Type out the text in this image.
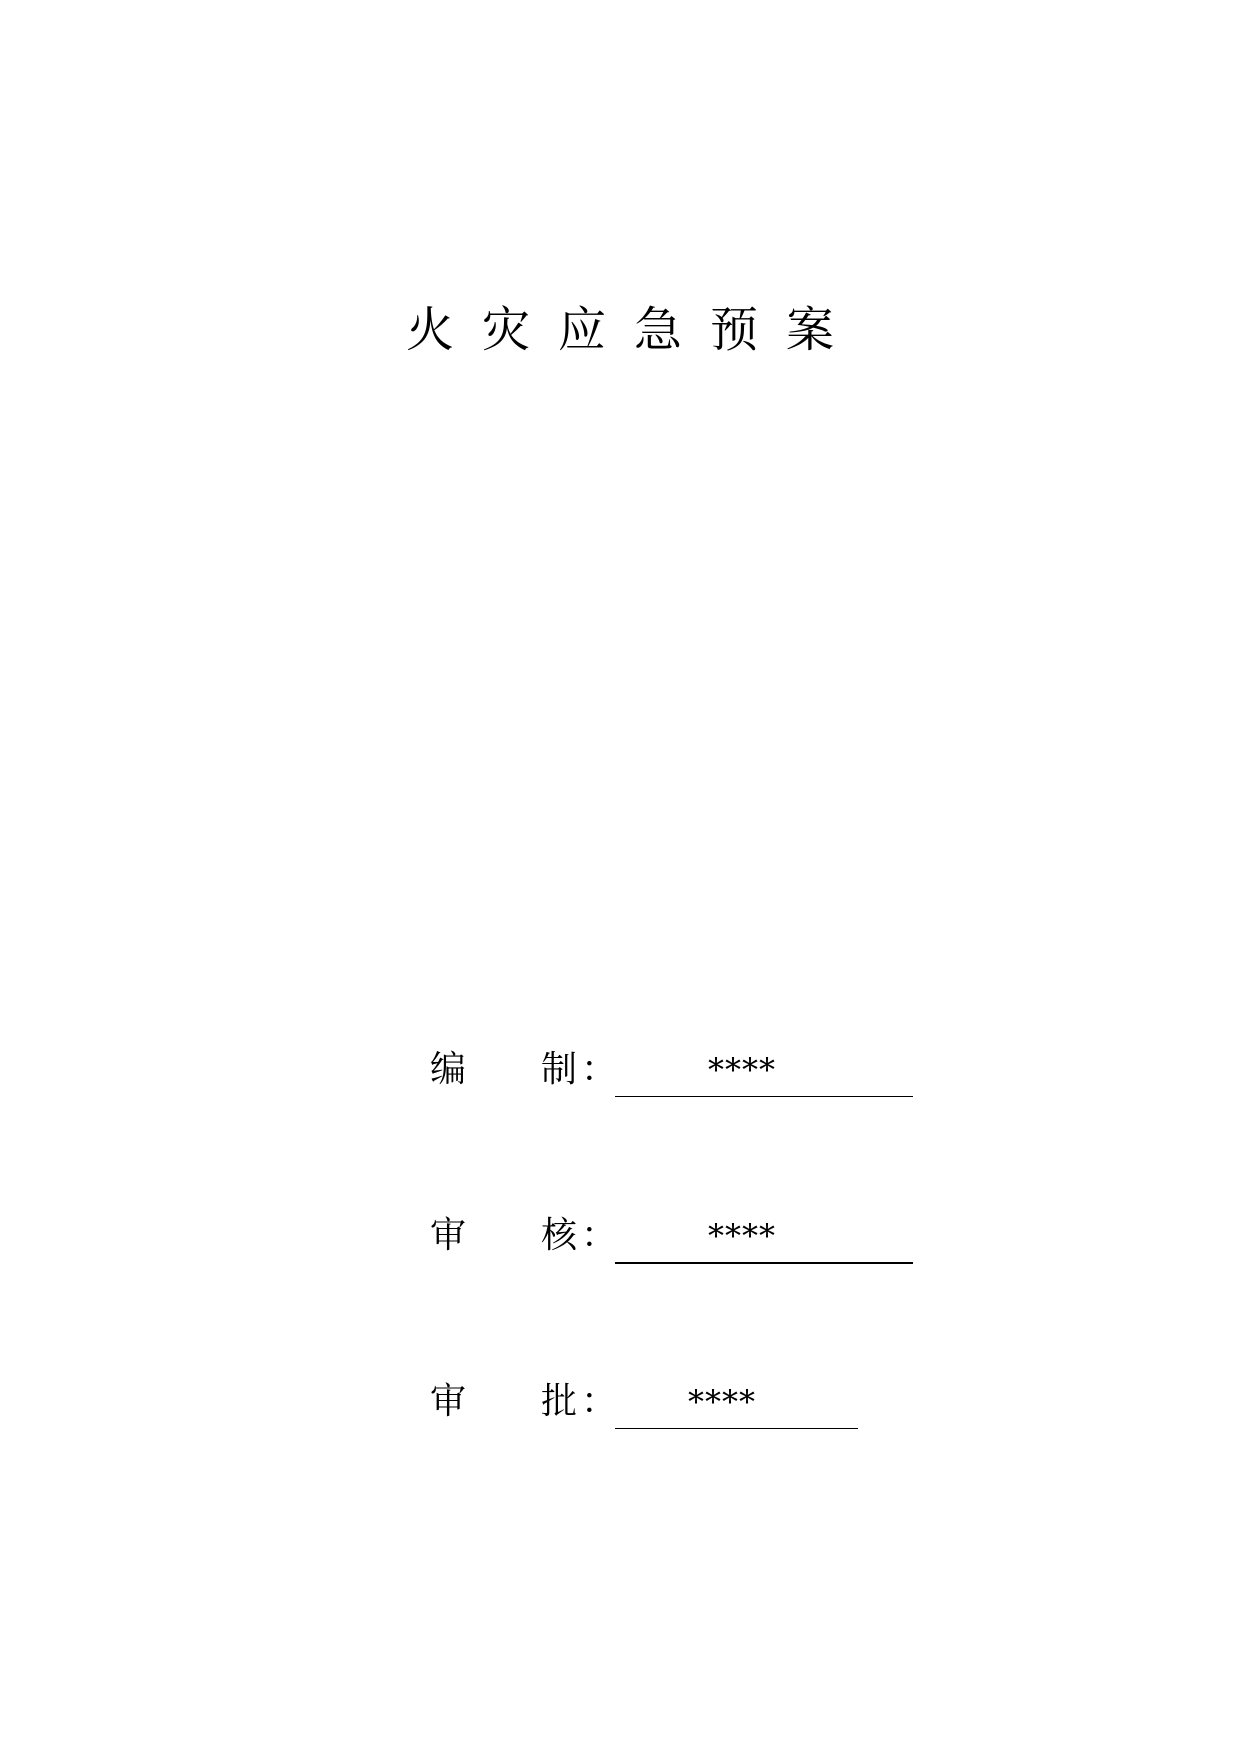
火 灾 应 急 预 案
编 制 ：	****
审 核 ：	****
审 批 ： ****
